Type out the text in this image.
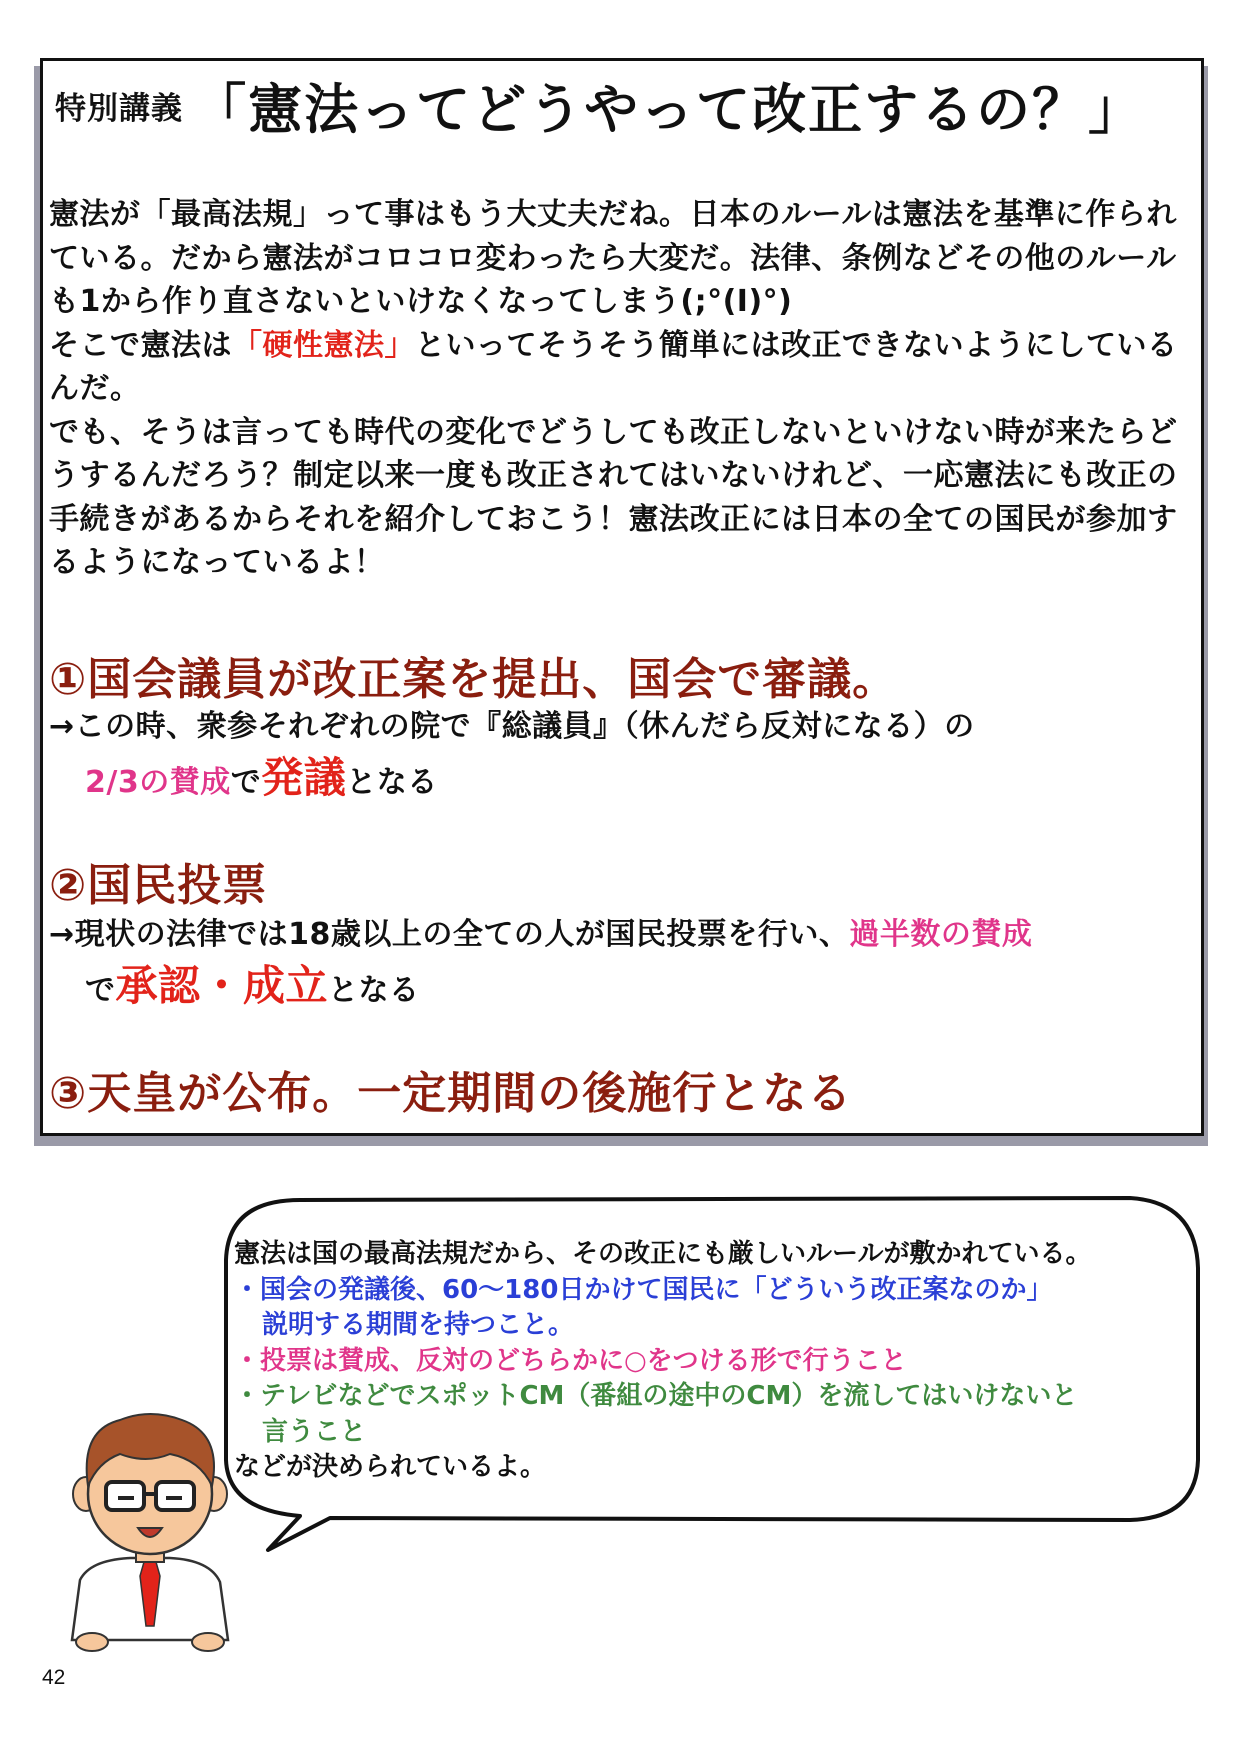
特別講義 「憲法ってどうやって改正するの？」
憲法が「最高法規」って事はもう大丈夫だね。日本のルールは憲法を基準に作られている。だから憲法がコロコロ変わったら大変だ。法律、条例などその他のルールも1から作り直さないといけなくなってしまう(;°(I)°)
そこで憲法は「硬性憲法」といってそうそう簡単には改正できないようにしているんだ。
でも、そうは言っても時代の変化でどうしても改正しないといけない時が来たらどうするんだろう？制定以来一度も改正されてはいないけれど、一応憲法にも改正の手続きがあるからそれを紹介しておこう！憲法改正には日本の全ての国民が参加するようになっているよ！
①国会議員が改正案を提出、国会で審議。
→この時、衆参それぞれの院で『総議員』（休んだら反対になる）の
2/3の賛成で発議となる
②国民投票
→現状の法律では18歳以上の全ての人が国民投票を行い、過半数の賛成
で承認・成立となる
③天皇が公布。一定期間の後施行となる
憲法は国の最高法規だから、その改正にも厳しいルールが敷かれている。
・国会の発議後、60～180日かけて国民に「どういう改正案なのか」
説明する期間を持つこと。
・投票は賛成、反対のどちらかに○をつける形で行うこと
・テレビなどでスポットCM（番組の途中のCM）を流してはいけないと
言うこと
などが決められているよ。
42
